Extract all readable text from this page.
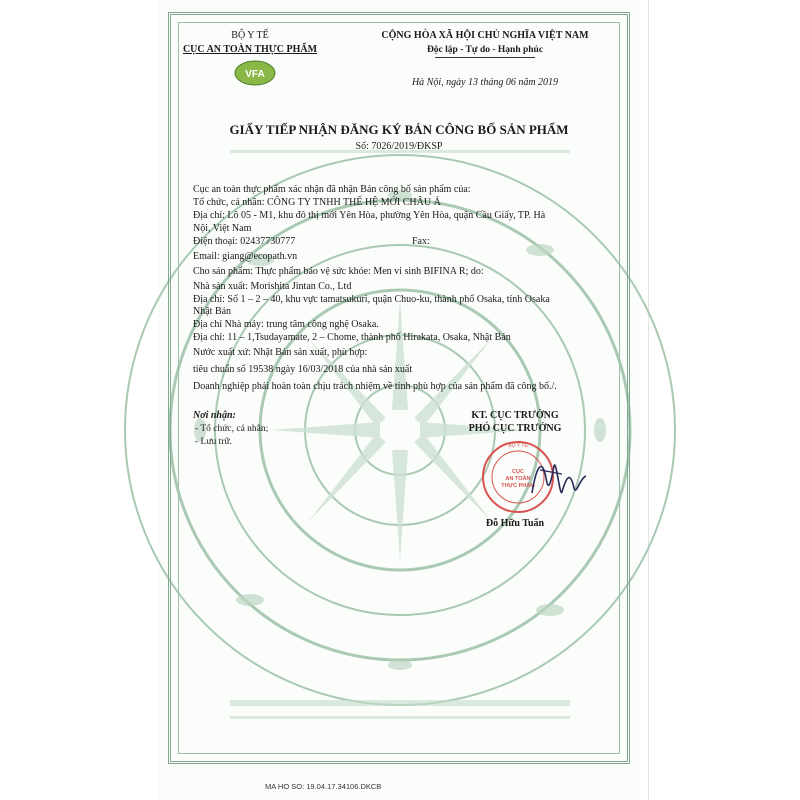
BỘ Y TẾ
CỤC AN TOÀN THỰC PHẨM
VFA
CỘNG HÒA XÃ HỘI CHỦ NGHĨA VIỆT NAM
Độc lập - Tự do - Hạnh phúc
Hà Nội, ngày 13 tháng 06 năm 2019
GIẤY TIẾP NHẬN ĐĂNG KÝ BẢN CÔNG BỐ SẢN PHẨM
Số: 7026/2019/ĐKSP
Cục an toàn thực phẩm xác nhận đã nhận Bản công bố sản phẩm của:
Tổ chức, cá nhân: CÔNG TY TNHH THẾ HỆ MỚI CHÂU Á
Địa chỉ: Lô 05 - M1, khu đô thị mới Yên Hòa, phường Yên Hòa, quận Cầu Giấy, TP. Hà
Nội, Việt Nam
Điện thoại: 02437730777	Fax:
Email: giang@ecopath.vn
Cho sản phẩm: Thực phẩm bảo vệ sức khỏe: Men vi sinh BIFINA R; do:
Nhà sản xuất: Morishita Jintan Co., Ltd
Địa chỉ: Số 1 – 2 – 40, khu vực tamatsukuri, quận Chuo-ku, thành phố Osaka, tỉnh Osaka
Nhật Bản
Địa chỉ Nhà máy: trung tâm công nghệ Osaka.
Địa chỉ: 11 – 1,Tsudayamate, 2 – Chome, thành phố Hirakata, Osaka, Nhật Bản
Nước xuất xứ: Nhật Bản sản xuất, phù hợp:
tiêu chuẩn số 19538 ngày 16/03/2018 của nhà sản xuất
Doanh nghiệp phải hoàn toàn chịu trách nhiệm về tính phù hợp của sản phẩm đã công bố./.
Nơi nhận:
- Tổ chức, cá nhân;
- Lưu trữ.
KT. CỤC TRƯỞNG
PHÓ CỤC TRƯỞNG
BỘ Y TẾ
CỤC
AN TOÀN
THỰC PHẨM
Đỗ Hữu Tuấn
MA HO SO: 19.04.17.34106.DKCB
